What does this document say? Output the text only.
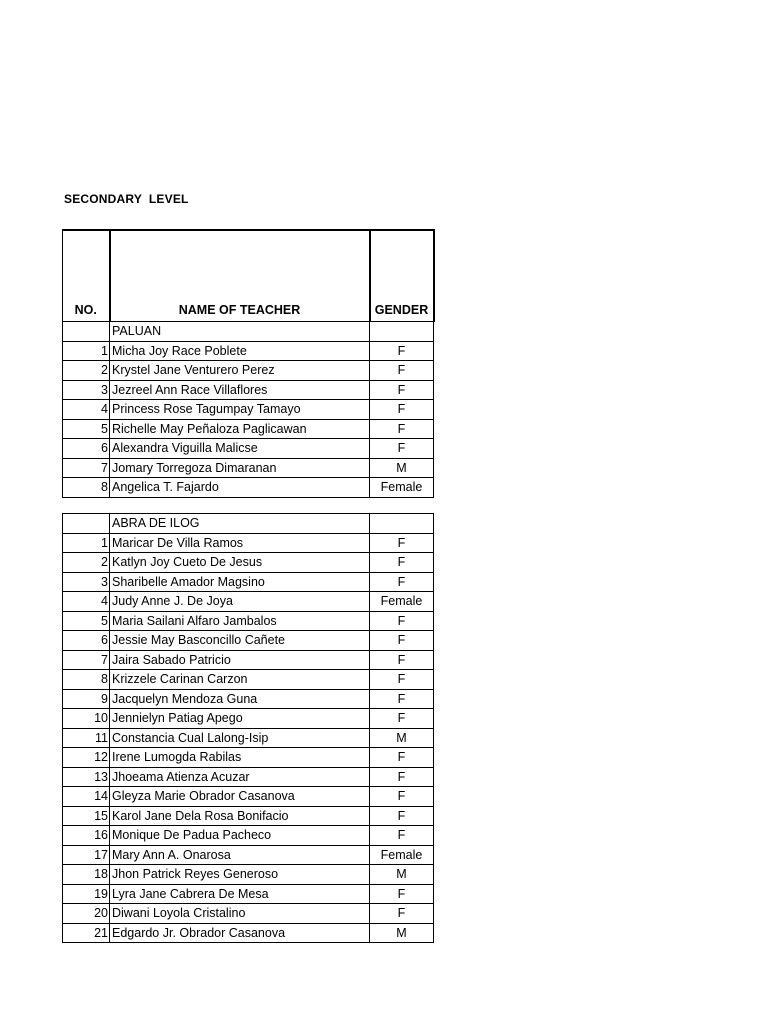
SECONDARY  LEVEL
NO.	NAME OF TEACHER	GENDER
	PALUAN	
1	Micha Joy Race Poblete	F
2	Krystel Jane Venturero Perez	F
3	Jezreel Ann Race Villaflores	F
4	Princess Rose Tagumpay Tamayo	F
5	Richelle May Peñaloza Paglicawan	F
6	Alexandra Viguilla Malicse	F
7	Jomary Torregoza Dimaranan	M
8	Angelica T. Fajardo	Female
	ABRA DE ILOG	
1	Maricar De Villa Ramos	F
2	Katlyn Joy Cueto De Jesus	F
3	Sharibelle Amador Magsino	F
4	Judy Anne J. De Joya	Female
5	Maria Sailani Alfaro Jambalos	F
6	Jessie May Basconcillo Cañete	F
7	Jaira Sabado Patricio	F
8	Krizzele Carinan Carzon	F
9	Jacquelyn Mendoza Guna	F
10	Jennielyn Patiag Apego	F
11	Constancia Cual Lalong-Isip	M
12	Irene Lumogda Rabilas	F
13	Jhoeama Atienza Acuzar	F
14	Gleyza Marie Obrador Casanova	F
15	Karol Jane Dela Rosa Bonifacio	F
16	Monique De Padua Pacheco	F
17	Mary Ann A. Onarosa	Female
18	Jhon Patrick Reyes Generoso	M
19	Lyra Jane Cabrera De Mesa	F
20	Diwani Loyola Cristalino	F
21	Edgardo Jr. Obrador Casanova	M
